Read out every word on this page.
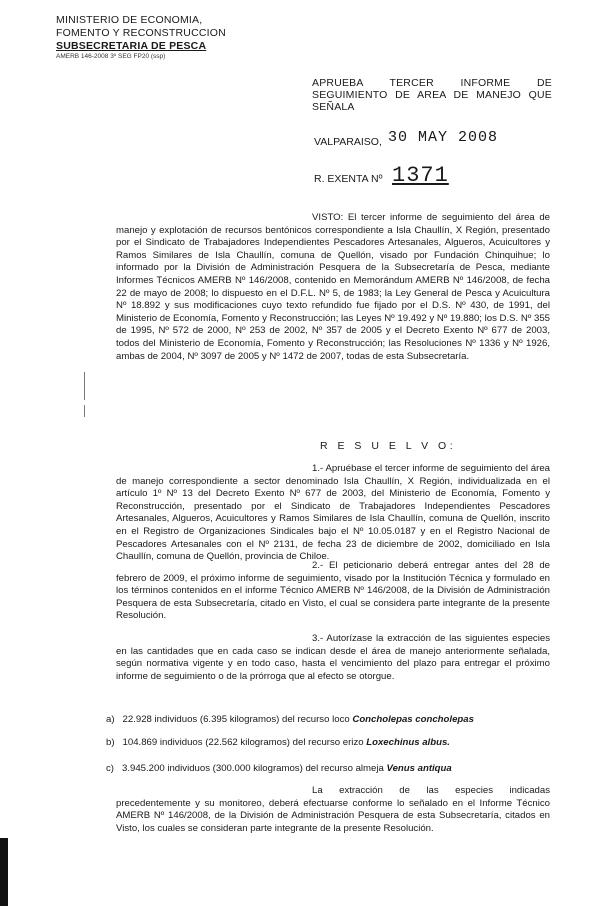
MINISTERIO DE ECONOMIA,
FOMENTO Y RECONSTRUCCION
SUBSECRETARIA DE PESCA
AMERB 146-2008 3º SEG FP20 (ssp)
APRUEBA TERCER INFORME DE SEGUIMIENTO DE AREA DE MANEJO QUE SEÑALA
VALPARAISO, 30 MAY 2008
R. EXENTA Nº 1371
VISTO: El tercer informe de seguimiento del área de manejo y explotación de recursos bentónicos correspondiente a Isla Chaullín, X Región, presentado por el Sindicato de Trabajadores Independientes Pescadores Artesanales, Algueros, Acuicultores y Ramos Similares de Isla Chaullín, comuna de Quellón, visado por Fundación Chinquihue; lo informado por la División de Administración Pesquera de la Subsecretaría de Pesca, mediante Informes Técnicos AMERB Nº 146/2008, contenido en Memorándum AMERB Nº 146/2008, de fecha 22 de mayo de 2008; lo dispuesto en el D.F.L. Nº 5, de 1983; la Ley General de Pesca y Acuicultura Nº 18.892 y sus modificaciones cuyo texto refundido fue fijado por el D.S. Nº 430, de 1991, del Ministerio de Economía, Fomento y Reconstrucción; las Leyes Nº 19.492 y Nº 19.880; los D.S. Nº 355 de 1995, Nº 572 de 2000, Nº 253 de 2002, Nº 357 de 2005 y el Decreto Exento Nº 677 de 2003, todos del Ministerio de Economía, Fomento y Reconstrucción; las Resoluciones Nº 1336 y Nº 1926, ambas de 2004, Nº 3097 de 2005 y Nº 1472 de 2007, todas de esta Subsecretaría.
R E S U E L V O:
1.- Apruébase el tercer informe de seguimiento del área de manejo correspondiente a sector denominado Isla Chaullín, X Región, individualizada en el artículo 1º Nº 13 del Decreto Exento Nº 677 de 2003, del Ministerio de Economía, Fomento y Reconstrucción, presentado por el Sindicato de Trabajadores Independientes Pescadores Artesanales, Algueros, Acuicultores y Ramos Similares de Isla Chaullín, comuna de Quellón, inscrito en el Registro de Organizaciones Sindicales bajo el Nº 10.05.0187 y en el Registro Nacional de Pescadores Artesanales con el Nº 2131, de fecha 23 de diciembre de 2002, domiciliado en Isla Chaullín, comuna de Quellón, provincia de Chiloe.
2.- El peticionario deberá entregar antes del 28 de febrero de 2009, el próximo informe de seguimiento, visado por la Institución Técnica y formulado en los términos contenidos en el informe Técnico AMERB Nº 146/2008, de la División de Administración Pesquera de esta Subsecretaría, citado en Visto, el cual se considera parte integrante de la presente Resolución.
3.- Autorízase la extracción de las siguientes especies en las cantidades que en cada caso se indican desde el área de manejo anteriormente señalada, según normativa vigente y en todo caso, hasta el vencimiento del plazo para entregar el próximo informe de seguimiento o de la prórroga que al efecto se otorgue.
a) 22.928 individuos (6.395 kilogramos) del recurso loco Concholepas concholepas
b) 104.869 individuos (22.562 kilogramos) del recurso erizo Loxechinus albus.
c) 3.945.200 individuos (300.000 kilogramos) del recurso almeja Venus antiqua
La extracción de las especies indicadas precedentemente y su monitoreo, deberá efectuarse conforme lo señalado en el Informe Técnico AMERB Nº 146/2008, de la División de Administración Pesquera de esta Subsecretaría, citados en Visto, los cuales se consideran parte integrante de la presente Resolución.
